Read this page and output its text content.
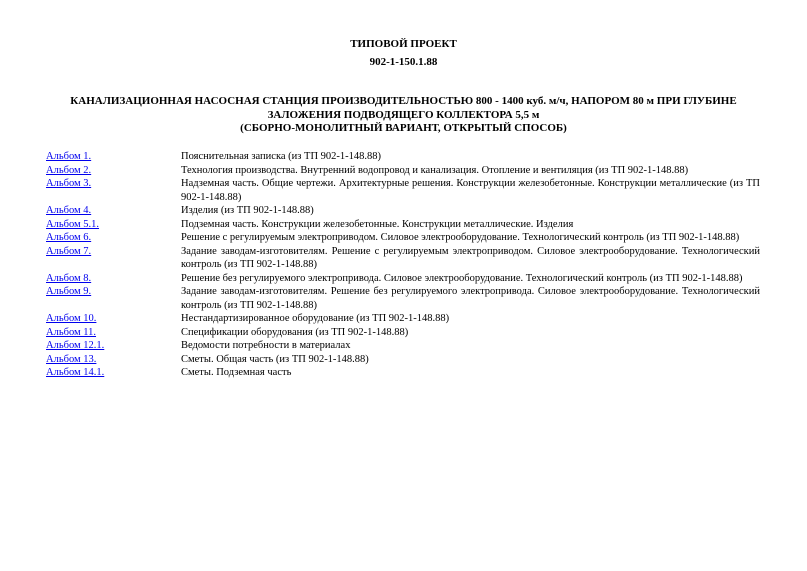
ТИПОВОЙ ПРОЕКТ
902-1-150.1.88
КАНАЛИЗАЦИОННАЯ НАСОСНАЯ СТАНЦИЯ ПРОИЗВОДИТЕЛЬНОСТЬЮ 800 - 1400 куб. м/ч, НАПОРОМ 80 м ПРИ ГЛУБИНЕ
ЗАЛОЖЕНИЯ ПОДВОДЯЩЕГО КОЛЛЕКТОРА 5,5 м
(СБОРНО-МОНОЛИТНЫЙ ВАРИАНТ, ОТКРЫТЫЙ СПОСОБ)
Альбом 1.	Пояснительная записка (из ТП 902-1-148.88)
Альбом 2.	Технология производства. Внутренний водопровод и канализация. Отопление и вентиляция (из ТП 902-1-148.88)
Альбом 3.	Надземная часть. Общие чертежи. Архитектурные решения. Конструкции железобетонные. Конструкции металлические (из ТП 902-1-148.88)
Альбом 4.	Изделия (из ТП 902-1-148.88)
Альбом 5.1.	Подземная часть. Конструкции железобетонные. Конструкции металлические. Изделия
Альбом 6.	Решение с регулируемым электроприводом. Силовое электрооборудование. Технологический контроль (из ТП 902-1-148.88)
Альбом 7.	Задание заводам-изготовителям. Решение с регулируемым электроприводом. Силовое электрооборудование. Технологический контроль (из ТП 902-1-148.88)
Альбом 8.	Решение без регулируемого электропривода. Силовое электрооборудование. Технологический контроль (из ТП 902-1-148.88)
Альбом 9.	Задание заводам-изготовителям. Решение без регулируемого электропривода. Силовое электрооборудование. Технологический контроль (из ТП 902-1-148.88)
Альбом 10.	Нестандартизированное оборудование (из ТП 902-1-148.88)
Альбом 11.	Спецификации оборудования (из ТП 902-1-148.88)
Альбом 12.1.	Ведомости потребности в материалах
Альбом 13.	Сметы. Общая часть (из ТП 902-1-148.88)
Альбом 14.1.	Сметы. Подземная часть
